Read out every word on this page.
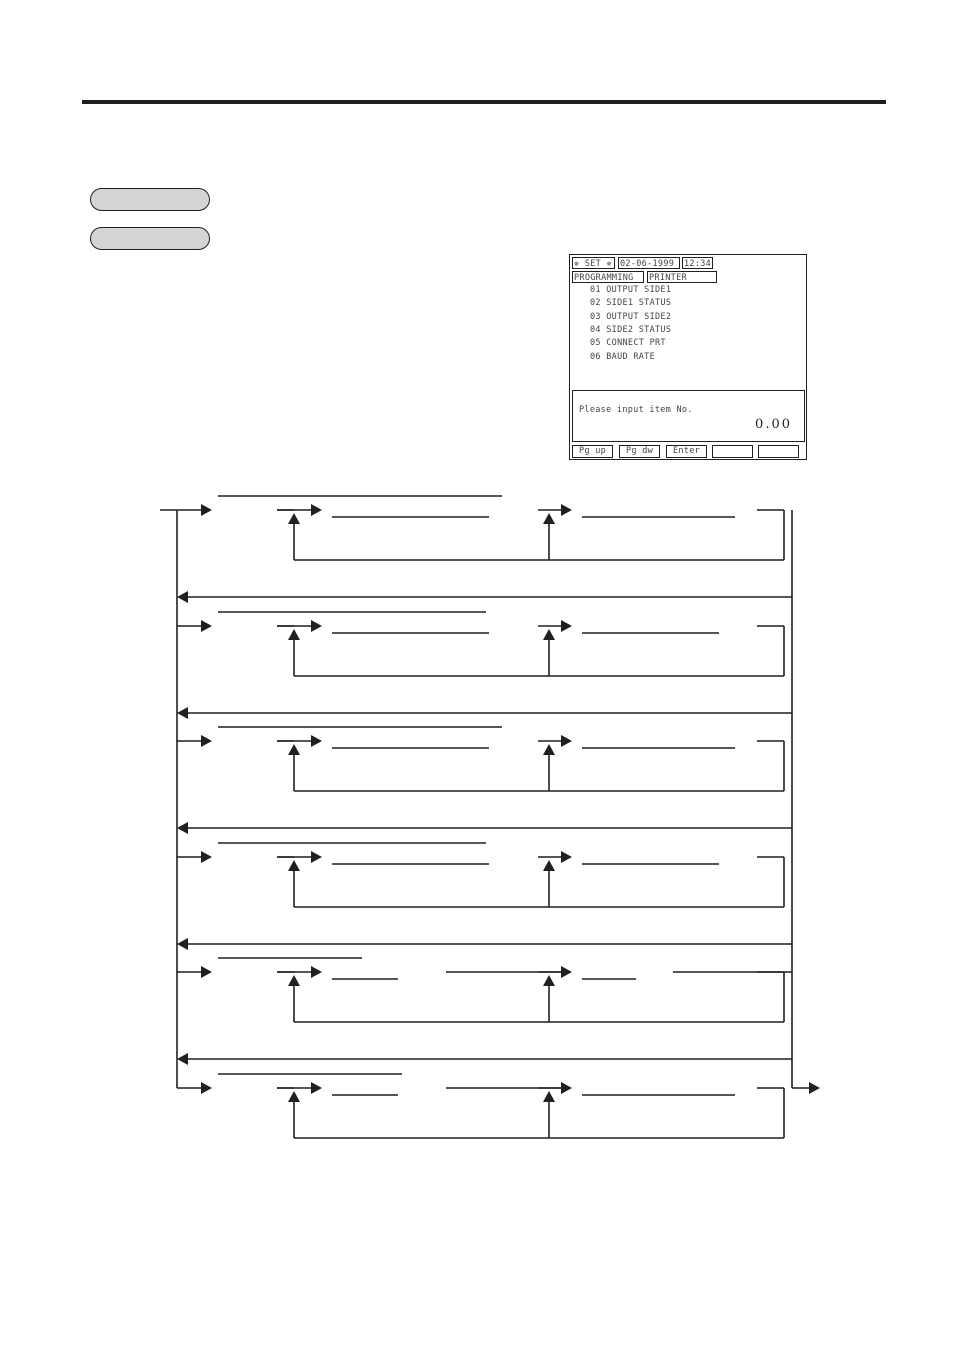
✵ SET ✵ 02-06-1999	12:34
PROGRAMMING	PRINTER
01 OUTPUT SIDE1
02 SIDE1 STATUS
03 OUTPUT SIDE2
04 SIDE2 STATUS
05 CONNECT PRT
06 BAUD RATE
Please input item No.
0.00
Pg up	Pg dw	Enter
